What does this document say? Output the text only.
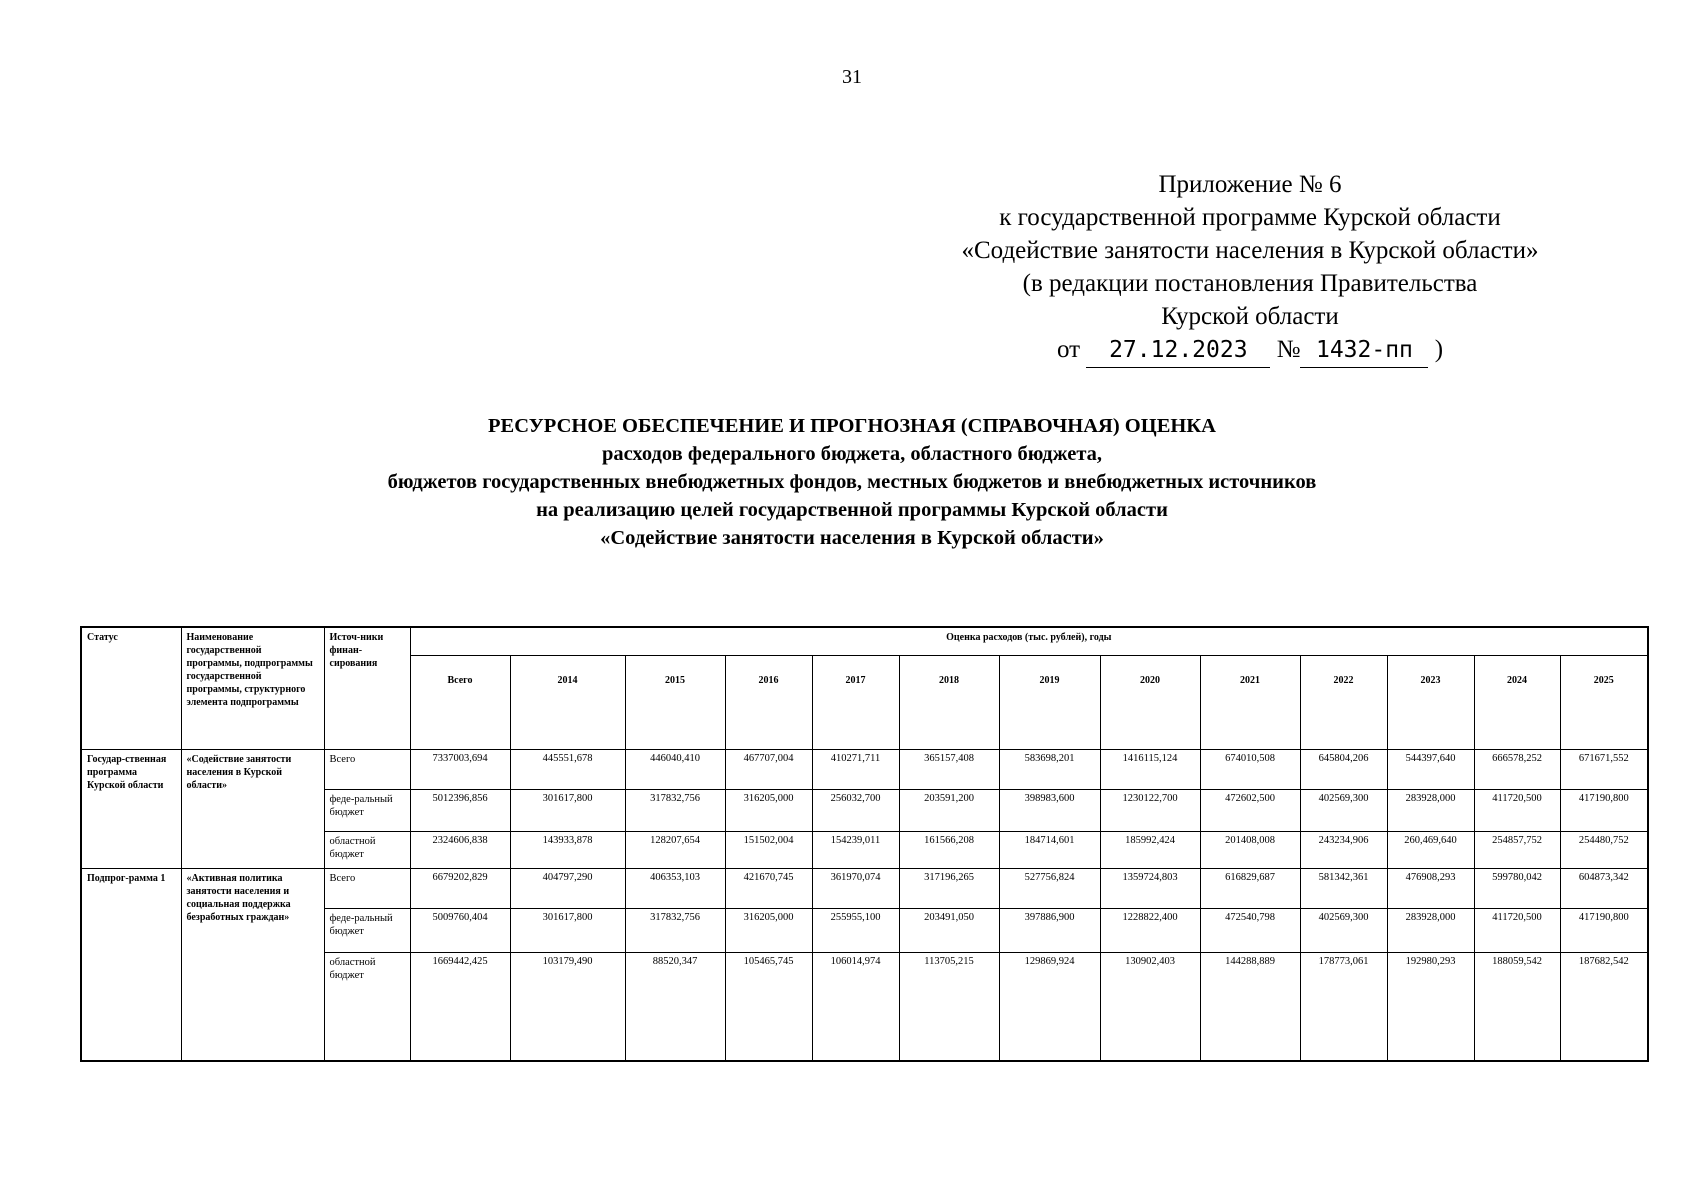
31
Приложение № 6
к государственной программе Курской области
«Содействие занятости населения в Курской области»
(в редакции постановления Правительства
Курской области
от 27.12.2023 № 1432-пп )
РЕСУРСНОЕ ОБЕСПЕЧЕНИЕ И ПРОГНОЗНАЯ (СПРАВОЧНАЯ) ОЦЕНКА
расходов федерального бюджета, областного бюджета,
бюджетов государственных внебюджетных фондов, местных бюджетов и внебюджетных источников
на реализацию целей государственной программы Курской области
«Содействие занятости населения в Курской области»
Статус	Наименование государственной программы, подпрограммы государственной программы, структурного элемента подпрограммы	Источ-ники финан-сирования	Оценка расходов (тыс. рублей), годы												
			Всего	2014	2015	2016	2017	2018	2019	2020	2021	2022	2023	2024	2025
Государ-ственная программа Курской области	«Содействие занятости населения в Курской области»	Всего	7337003,694	445551,678	446040,410	467707,004	410271,711	365157,408	583698,201	1416115,124	674010,508	645804,206	544397,640	666578,252	671671,552
		феде-ральный бюджет	5012396,856	301617,800	317832,756	316205,000	256032,700	203591,200	398983,600	1230122,700	472602,500	402569,300	283928,000	411720,500	417190,800
		областной бюджет	2324606,838	143933,878	128207,654	151502,004	154239,011	161566,208	184714,601	185992,424	201408,008	243234,906	260,469,640	254857,752	254480,752
Подпрог-рамма 1	«Активная политика занятости населения и социальная поддержка безработных граждан»	Всего	6679202,829	404797,290	406353,103	421670,745	361970,074	317196,265	527756,824	1359724,803	616829,687	581342,361	476908,293	599780,042	604873,342
		феде-ральный бюджет	5009760,404	301617,800	317832,756	316205,000	255955,100	203491,050	397886,900	1228822,400	472540,798	402569,300	283928,000	411720,500	417190,800
		областной бюджет	1669442,425	103179,490	88520,347	105465,745	106014,974	113705,215	129869,924	130902,403	144288,889	178773,061	192980,293	188059,542	187682,542
